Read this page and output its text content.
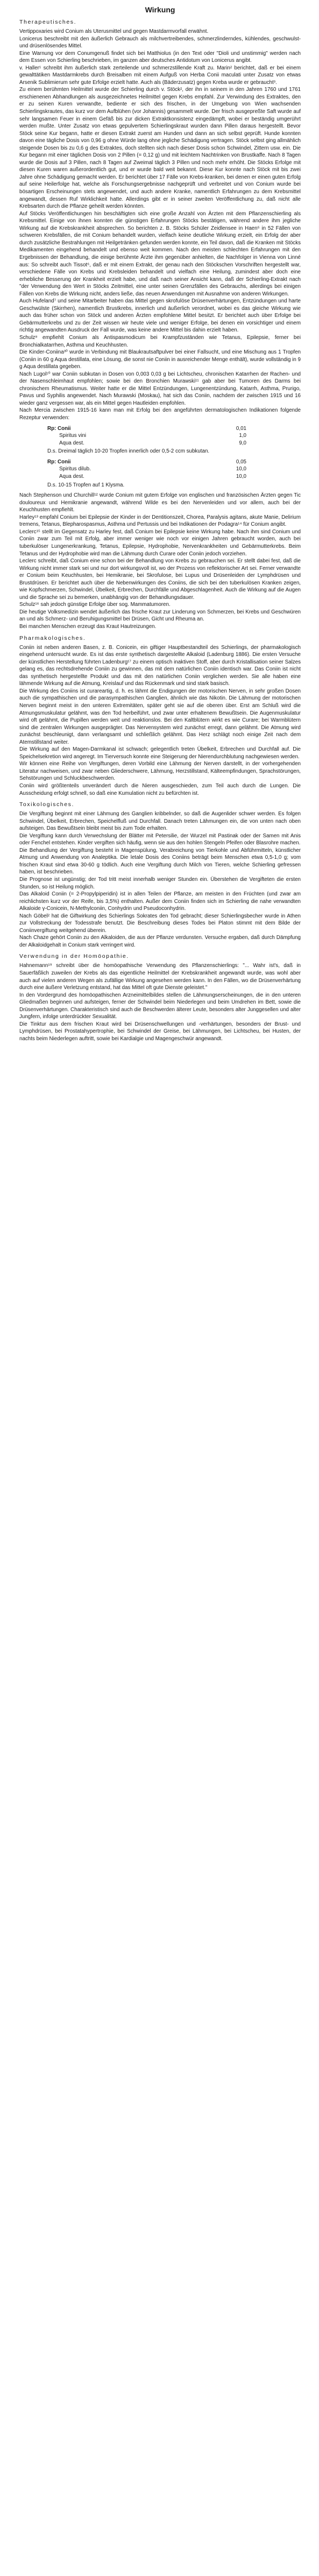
Wirkung
Therapeutisches.

Vertippoxaries wird Conium als Uterusmittel und gegen Mastdarmvorfall erwähnt.

Lonicerus beschreibt mit den äußerlich Gebrauch als milchvertreibendes, schmerzlinderndes, kühlendes, geschwulst- und drüsenlösendes Mittel.

Eine Warnung vor dem Conumgenuß findet sich bei Matthiolus (in den Text oder "Dioli und unstimmig" werden nach dem Essen von Schierling beschrieben, im ganzen aber deutsches Antidotum von Lonicerus angibt.

v. Haller¹ schreibt ihm äußerlich stark zerteilende und schmerzstillende Kraft zu. Marin² berichtet, daß er bei einem gewalttätiken Mastdarmkrebs durch Breisalben mit einem Aufguß von Herba Conii maculati unter Zusatz von etwas Arsenik Sublimierum sehr gute Erfolge erzielt hatte. Auch als (Bäderzusatz) gegen Kreba wurde er gebraucht³.

Zu einem berühmten Heilmittel wurde der Schierling durch v. Stöck², der ihn in seinem in den Jahren 1760 und 1761 erschienenen Abhandlungen als ausgezeichnetes Heilmittel gegen Krebs empfahl. Zur Verwindung des Extraktes, den er zu seinen Kuren verwandte, bediente er sich des frischen, in der Umgebung von Wien wachsenden Schierlingskrautes, das kurz vor dem Aufblühen (vor Johannis) gesammelt wurde. Der frisch ausgepreßte Saft wurde auf sehr langsamen Feuer in einem Gefäß bis zur dicken Extraktkonsistenz eingedämpft, wobei er beständig umgerührt werden mußte. Unter Zusatz von etwas gepulvertem Schierlingskraut wurden dann Pillen daraus hergestellt. Bevor Stöck seine Kur begann, hatte er diesen Extrakt zuerst am Hunden und dann an sich selbst geprüft. Hunde konnten davon eine tägliche Dosis von 0,96 g ohne Würde lang ohne jegliche Schädigung vertragen. Stöck selbst ging allmählich steigende Dosen bis zu 0,6 g des Extraktes, doch stellten sich nach dieser Dosis schon Schwindel, Zittern usw. ein. Die Kur begann mit einer täglichen Dosis von 2 Pillen (= 0,12 g) und mit leichtem Nachtrinken von Brustkaffe. Nach 8 Tagen wurde die Dosis auf 3 Pillen, nach 8 Tagen auf Zweimal täglich 3 Pillen und noch mehr erhöht. Die Stöcks Erfolge mit diesen Kuren waren außerordentlich gut, und er wurde bald weit bekannt. Diese Kur konnte nach Stöck mit bis zwei Jahre ohne Schädigung gemacht werden. Er berichtet über 17 Fälle von Krebs-kranken, bei denen er einen guten Erfolg auf seine Heilerfolge hat, welche als Forschungsergebnisse nachgeprüft und verbreitet und von Conium wurde bei bösartigen Erscheinungen stets angewendet, und auch andere Kranke, namentlich Erfahrungen zu dem Krebsmittel angewandt, dessen Ruf Wirklichkeit hatte. Allerdings gibt er in seiner zweiten Veröffentlichung zu, daß nicht alle Krebsarten durch die Pflanze geheilt werden könnten.

Auf Stöcks Veröffentlichungen hin beschäftigten sich eine große Anzahl von Ärzten mit dem Pflanzenschierling als Krebsmittel. Einige von ihnen konnten die günstigen Erfahrungen Stöcks bestätigen, während andere ihm jegliche Wirkung auf die Krebskrankheit absprechen. So berichten z. B. Stöcks Schüler Zeidlensee in Haen⁵ in 52 Fällen von schweren Krebsfällen, die mit Conium behandelt wurden, vielfach keine deutliche Wirkung erzielt, ein Erfolg der aber durch zusätzliche Bestrahlungen mit Heilgetränken gefunden werden konnte, ein Teil davon, daß die Kranken mit Stöcks Medikamenten eingehend behandelt und ebenso weit kommen. Nach den meisten schlechten Erfahrungen mit den Ergebnissen der Behandlung, die einige berühmte Ärzte ihm gegenüber anhielten, die Nachfolger in Vienna von Linné aus: So schreibt auch Tissot⁶, daß er mit einem Extrakt, der genau nach den Stöckschen Vorschriften hergestellt war, verschiedene Fälle von Krebs und Krebsleiden behandelt und vielfach eine Heilung, zumindest aber doch eine erhebliche Besserung der Krankheit erzielt habe, und daß nach seiner Ansicht kann, daß der Schierling-Extrakt nach "der Verwendung den Wert in Stöcks Zeitmittel, eine unter seinen Grenzfällen des Gebrauchs, allerdings bei einigen Fällen von Krebs die Wirkung nicht, anders ließe, das neuen Anwendungen mit Ausnahme von anderen Wirkungen.

Auch Hufeland⁷ und seine Mitarbeiter haben das Mittel gegen skrofulöse Drüsenverhärtungen, Entzündungen und harte Geschwülste (Skirrhen), namentlich Brustkrebs, innerlich und äußerlich verordnet, wobei es das gleiche Wirkung wie auch das früher schon von Stöck und anderen Ärzten empfohlene Mittel besitzt. Er berichtet auch über Erfolge bei Gebärmutterkrebs und zu der Zeit wissen wir heute viele und weniger Erfolge, bei denen ein vorsichtiger und einem richtig angewandten Ausdruck der Fall wurde, was keine andere Mittel bis dahin erzielt haben.

Schulz⁸ empfiehlt Conium als Antispasmodicum bei Krampfzuständen wie Tetanus, Epilepsie, ferner bei Bronchialkatarrhen, Asthma und Keuchhusten.

Die Kinder-Coniina³⁰ wurde in Verbindung mit Blaukrautsaftpulver bei einer Fallsucht, und eine Mischung aus 1 Tropfen (Coniin in 60 g Aqua destillata, eine Lösung, die sonst nie Coniin in ausreichender Menge enthält), wurde vollständig in 9 g Aqua destillata gegeben.

Nach Lugol¹⁰ war Coniin subkutan in Dosen von 0,003 0,03 g bei Lichtscheu, chronischen Katarrhen der Rachen- und der Nasenschleimhaut empfohlen; sowie bei den Bronchien Murawski¹¹ gab aber bei Tumoren des Darms bei chronischem Rheumatismus. Weiter hatte er die Mittel Entzündungen, Lungenentzündung, Katarrh, Asthma, Prurigo, Pavus und Syphilis angewendet. Nach Murawski (Moskau), hat sich das Coniin, nachdem der zwischen 1915 und 16 wieder ganz vergessen war, als ein Mittel gegen Hautleiden empfohlen.

Nach Mercia zwischen 1915-16 kann man mit Erfolg bei den angeführten dermatologischen Indikationen folgende Rezeptur verwenden:

Rp: Conii	0,01
Spiritus vini	1,0
Aqua dest.	9,0
D.s. Dreimal täglich 10-20 Tropfen innerlich oder 0,5-2 ccm subkutan.
Rp: Conii	0,05
Spiritus dilub.	10,0
Aqua dest.	10,0
D.s. 10-15 Tropfen auf 1 Klysma.

Nach Stephenson und Churchill¹² wurde Conium mit gutem Erfolge von englischen und französischen Ärzten gegen Tic douloureux und Hemikranie angewandt, während Wilde es bei den Nervenleiden und vor allem, auch bei der Keuchhusten empfiehlt.

Harley¹³ empfahl Conium bei Epilepsie der Kinder in der Dentitionszeit, Chorea, Paralysis agitans, akute Manie, Delirium tremens, Tetanus, Blepharospasmus, Asthma und Pertussis und bei Indikationen der Podagra¹⁴ für Conium angibt.

Leclerc¹⁵ stellt im Gegensatz zu Harley fest, daß Conium bei Epilepsie keine Wirkung habe. Nach ihm sind Conium und Coniin zwar zum Teil mit Erfolg, aber immer weniger wie noch vor einigen Jahren gebraucht worden, auch bei tuberkulöser Lungenerkrankung, Tetanus, Epilepsie, Hydrophobie, Nervenkrankheiten und Gebärmutterkrebs. Beim Tetanus und der Hydrophobie wird man die Lähmung durch Curare oder Coniin jedoch vorziehen.

Leclerc schreibt, daß Conium eine schon bei der Behandlung von Krebs zu gebrauchen sei. Er stellt dabei fest, daß die Wirkung nicht immer stark sei und nur dort wirkungsvoll ist, wo der Prozess von reflektorischer Art sei. Ferner verwandte er Conium beim Keuchhusten, bei Hemikranie, bei Skrofulose, bei Lupus und Drüsenleiden der Lymphdrüsen und Brustdrüsen. Er berichtet auch über die Nebenwirkungen des Coniins, die sich bei den tuberkulösen Kranken zeigen, wie Kopfschmerzen, Schwindel, Übelkeit, Erbrechen, Durchfälle und Abgeschlagenheit. Auch die Wirkung auf die Augen und die Sprache sei zu bemerken, unabhängig von der Behandlungsdauer.

Schulz¹⁶ sah jedoch günstige Erfolge über sog. Mammatumoren.

Die heutige Volksmedizin wendet äußerlich das frische Kraut zur Linderung von Schmerzen, bei Krebs und Geschwüren an und als Schmerz- und Beruhigungsmittel bei Drüsen, Gicht und Rheuma an.

Bei manchen Menschen erzeugt das Kraut Hautreizungen.

Pharmakologisches.

Coniin ist neben anderen Basen, z. B. Conicein, ein giftiger Hauptbestandteil des Schierlings, der pharmakologisch eingehend untersucht wurde. Es ist das erste synthetisch dargestellte Alkaloid (Ladenburg 1886). Die ersten Versuche der künstlichen Herstellung führten Ladenburg¹⁷ zu einem optisch inaktiven Stoff, aber durch Kristallisation seiner Salzes gelang es, das rechtsdrehende Coniin zu gewinnen, das mit dem natürlichen Coniin identisch war. Das Coniin ist nicht das synthetisch hergestellte Produkt und das mit den natürlichen Coniin verglichen werden. Sie alle haben eine lähmende Wirkung auf die Atmung, Kreislauf und das Rückenmark und sind stark basisch.

Die Wirkung des Coniins ist curareartig, d. h. es lähmt die Endigungen der motorischen Nerven, in sehr großen Dosen auch die sympathischen und die parasympathischen Ganglien, ähnlich wie das Nikotin. Die Lähmung der motorischen Nerven beginnt meist in den unteren Extremitäten, später geht sie auf die oberen über. Erst am Schluß wird die Atmungsmuskulatur gelähmt, was den Tod herbeiführt, und zwar unter erhaltenem Bewußtsein. Die Augenmuskulatur wird oft gelähmt, die Pupillen werden weit und reaktionslos. Bei den Kaltblütern wirkt es wie Curare; bei Warmblütern sind die zentralen Wirkungen ausgeprägter. Das Nervensystem wird zunächst erregt, dann gelähmt. Die Atmung wird zunächst beschleunigt, dann verlangsamt und schließlich gelähmt. Das Herz schlägt noch einige Zeit nach dem Atemstillstand weiter.

Die Wirkung auf den Magen-Darmkanal ist schwach; gelegentlich treten Übelkeit, Erbrechen und Durchfall auf. Die Speichelsekretion wird angeregt. Im Tierversuch konnte eine Steigerung der Nierendurchblutung nachgewiesen werden.

Wir können eine Reihe von Vergiftungen, deren Vorbild eine Lähmung der Nerven darstellt, in der vorhergehenden Literatur nachweisen, und zwar neben Gliederschwere, Lähmung, Herzstillstand, Kälteempfindungen, Sprachstörungen, Sehstörungen und Schluckbeschwerden.

Coniin wird größtenteils unverändert durch die Nieren ausgeschieden, zum Teil auch durch die Lungen. Die Ausscheidung erfolgt schnell, so daß eine Kumulation nicht zu befürchten ist.

Toxikologisches.

Die Vergiftung beginnt mit einer Lähmung des Ganglien kribbelnder, so daß die Augenlider schwer werden. Es folgen Schwindel, Übelkeit, Erbrechen, Speichelfluß und Durchfall. Danach treten Lähmungen ein, die von unten nach oben aufsteigen. Das Bewußtsein bleibt meist bis zum Tode erhalten.

Die Vergiftung kann durch Verwechslung der Blätter mit Petersilie, der Wurzel mit Pastinak oder der Samen mit Anis oder Fenchel entstehen. Kinder vergiften sich häufig, wenn sie aus den hohlen Stengeln Pfeifen oder Blasrohre machen.

Die Behandlung der Vergiftung besteht in Magenspülung, Verabreichung von Tierkohle und Abführmitteln, künstlicher Atmung und Anwendung von Analeptika. Die letale Dosis des Coniins beträgt beim Menschen etwa 0,5-1,0 g; vom frischen Kraut sind etwa 30-60 g tödlich. Auch eine Vergiftung durch Milch von Tieren, welche Schierling gefressen haben, ist beschrieben.

Die Prognose ist ungünstig; der Tod tritt meist innerhalb weniger Stunden ein. Überstehen die Vergifteten die ersten Stunden, so ist Heilung möglich.

Das Alkaloid Coniin (= 2-Propylpiperidin) ist in allen Teilen der Pflanze, am meisten in den Früchten (und zwar am reichlichsten kurz vor der Reife, bis 3,5%) enthalten. Außer dem Coniin finden sich im Schierling die nahe verwandten Alkaloide γ-Conicein, N-Methylconiin, Conhydrin und Pseudoconhydrin.

Nach Göbel² hat die Giftwirkung des Schierlings Sokrates den Tod gebracht; dieser Schierlingsbecher wurde in Athen zur Vollstreckung der Todesstrafe benutzt. Die Beschreibung dieses Todes bei Platon stimmt mit dem Bilde der Coniinvergiftung weitgehend überein.

Nach Chaze gehört Coniin zu den Alkaloiden, die aus der Pflanze verdunsten. Versuche ergaben, daß durch Dämpfung der Alkaloidgehalt in Conium stark verringert wird.

Verwendung in der Homöopathie.

Hahnemann¹⁹ schreibt über die homöopathische Verwendung des Pflanzenschierlings: "... Wahr ist's, daß in Sauerfäßlich zuweilen der Krebs als das eigentliche Heilmittel der Krebskrankheit angewandt wurde, was wohl aber auch auf vielen anderen Wegen als zufällige Wirkung angesehen werden kann. In den Fällen, wo die Drüsenverhärtung durch eine äußere Verletzung entstand, hat das Mittel oft gute Dienste geleistet."

In den Vordergrund des homöopathischen Arzneimittelbildes stellen die Lähmungserscheinungen, die in den unteren Gliedmaßen beginnen und aufsteigen, ferner der Schwindel beim Niederlegen und beim Umdrehen im Bett, sowie die Drüsenverhärtungen. Charakteristisch sind auch die Beschwerden älterer Leute, besonders alter Junggesellen und alter Jungfern, infolge unterdrückter Sexualität.

Die Tinktur aus dem frischen Kraut wird bei Drüsenschwellungen und -verhärtungen, besonders der Brust- und Lymphdrüsen, bei Prostatahypertrophie, bei Schwindel der Greise, bei Lähmungen, bei Lichtscheu, bei Husten, der nachts beim Niederlegen auftritt, sowie bei Kardialgie und Magengeschwür angewandt.
